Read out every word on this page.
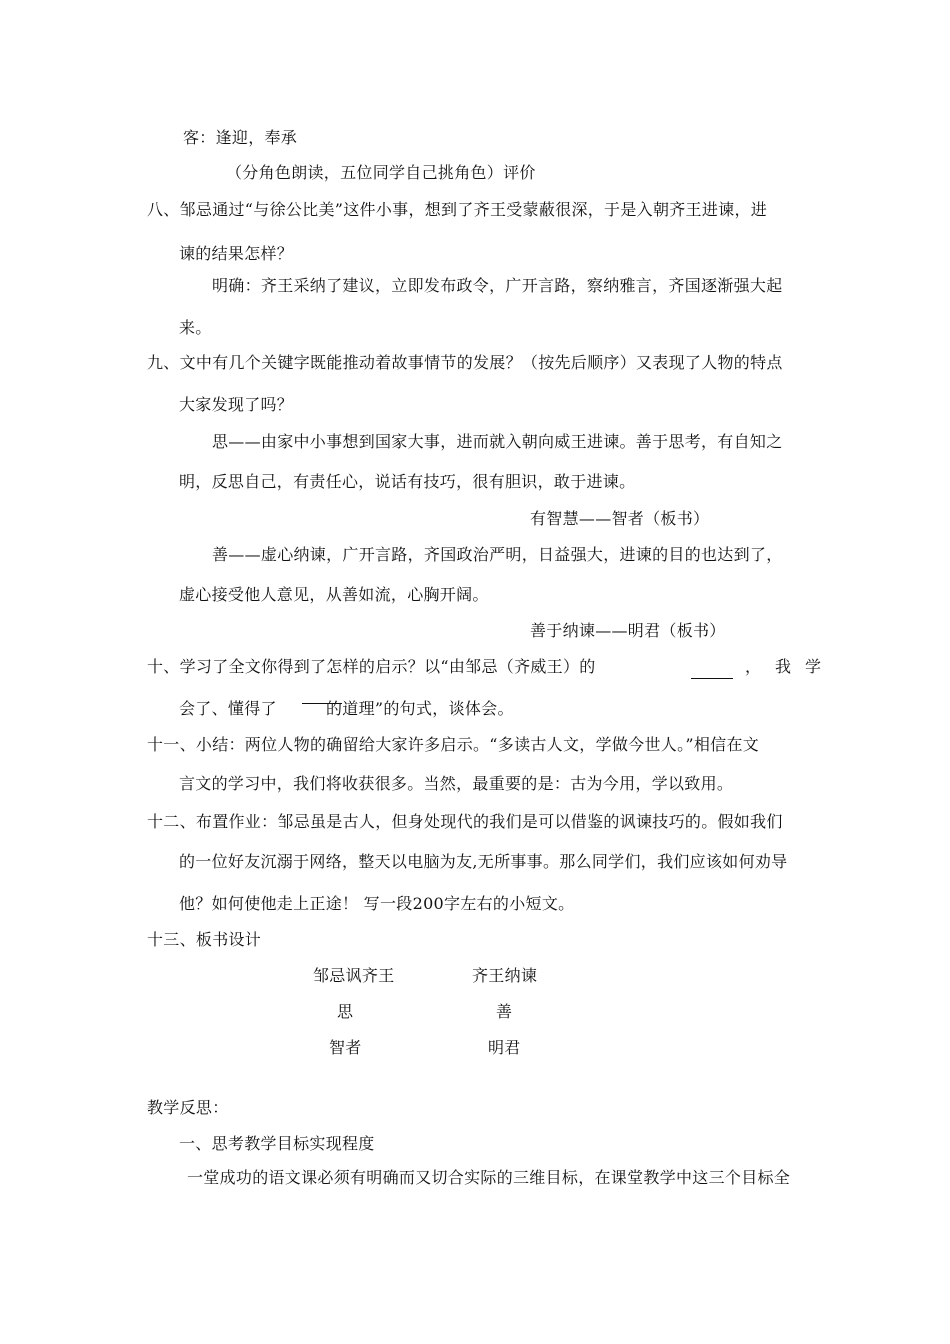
客：逢迎，奉承
（分角色朗读，五位同学自己挑角色）评价
八、邹忌通过“与徐公比美”这件小事，想到了齐王受蒙蔽很深，于是入朝齐王进谏，进
谏的结果怎样？
明确：齐王采纳了建议，立即发布政令，广开言路，察纳雅言，齐国逐渐强大起
来。
九、文中有几个关键字既能推动着故事情节的发展？（按先后顺序）又表现了人物的特点
大家发现了吗？
思——由家中小事想到国家大事，进而就入朝向威王进谏。善于思考，有自知之
明，反思自己，有责任心，说话有技巧，很有胆识，敢于进谏。
有智慧——智者（板书）
善——虚心纳谏，广开言路，齐国政治严明，日益强大，进谏的目的也达到了，
虚心接受他人意见，从善如流，心胸开阔。
善于纳谏——明君（板书）
十、学习了全文你得到了怎样的启示？以“由邹忌（齐威王）的	，我学
会了、懂得了	的道理”的句式，谈体会。
十一、小结：两位人物的确留给大家许多启示。“多读古人文，学做今世人。”相信在文
言文的学习中，我们将收获很多。当然，最重要的是：古为今用，学以致用。
十二、布置作业：邹忌虽是古人，但身处现代的我们是可以借鉴的讽谏技巧的。假如我们
的一位好友沉溺于网络，整天以电脑为友,无所事事。那么同学们，我们应该如何劝导
他？如何使他走上正途！ 写一段200字左右的小短文。
十三、板书设计
邹忌讽齐王
思
智者
齐王纳谏
善
明君
教学反思：
一、思考教学目标实现程度
一堂成功的语文课必须有明确而又切合实际的三维目标，在课堂教学中这三个目标全
